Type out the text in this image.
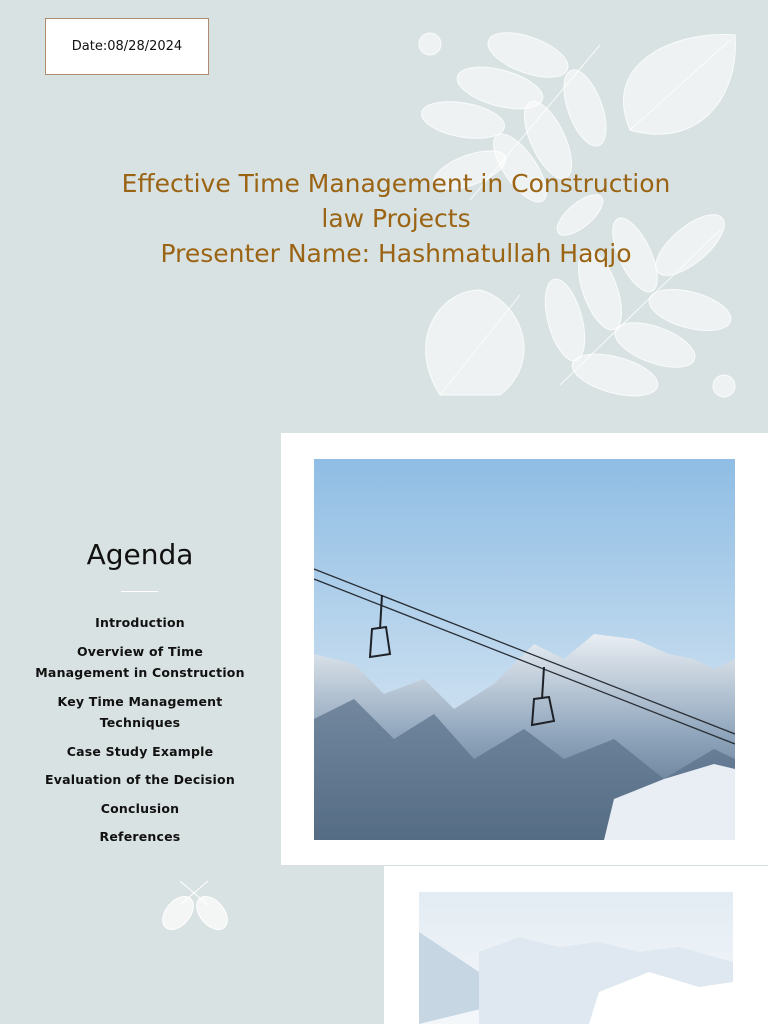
Date:08/28/2024
Effective Time Management in Construction
law Projects
Presenter Name: Hashmatullah Haqjo
Agenda
Introduction
Overview of Time Management in Construction
Key Time Management Techniques
Case Study Example
Evaluation of the Decision
Conclusion
References
